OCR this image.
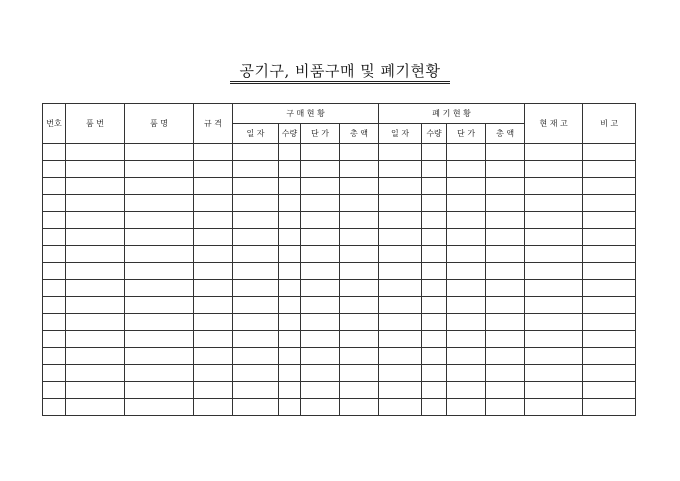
공기구, 비품구매 및 폐기현황
번호	품 번	품 명	규 격	구 매 현 황				폐 기 현 황				현 재 고	비 고
				일 자	수량	단 가	총 액	일 자	수량	단 가	총 액		
